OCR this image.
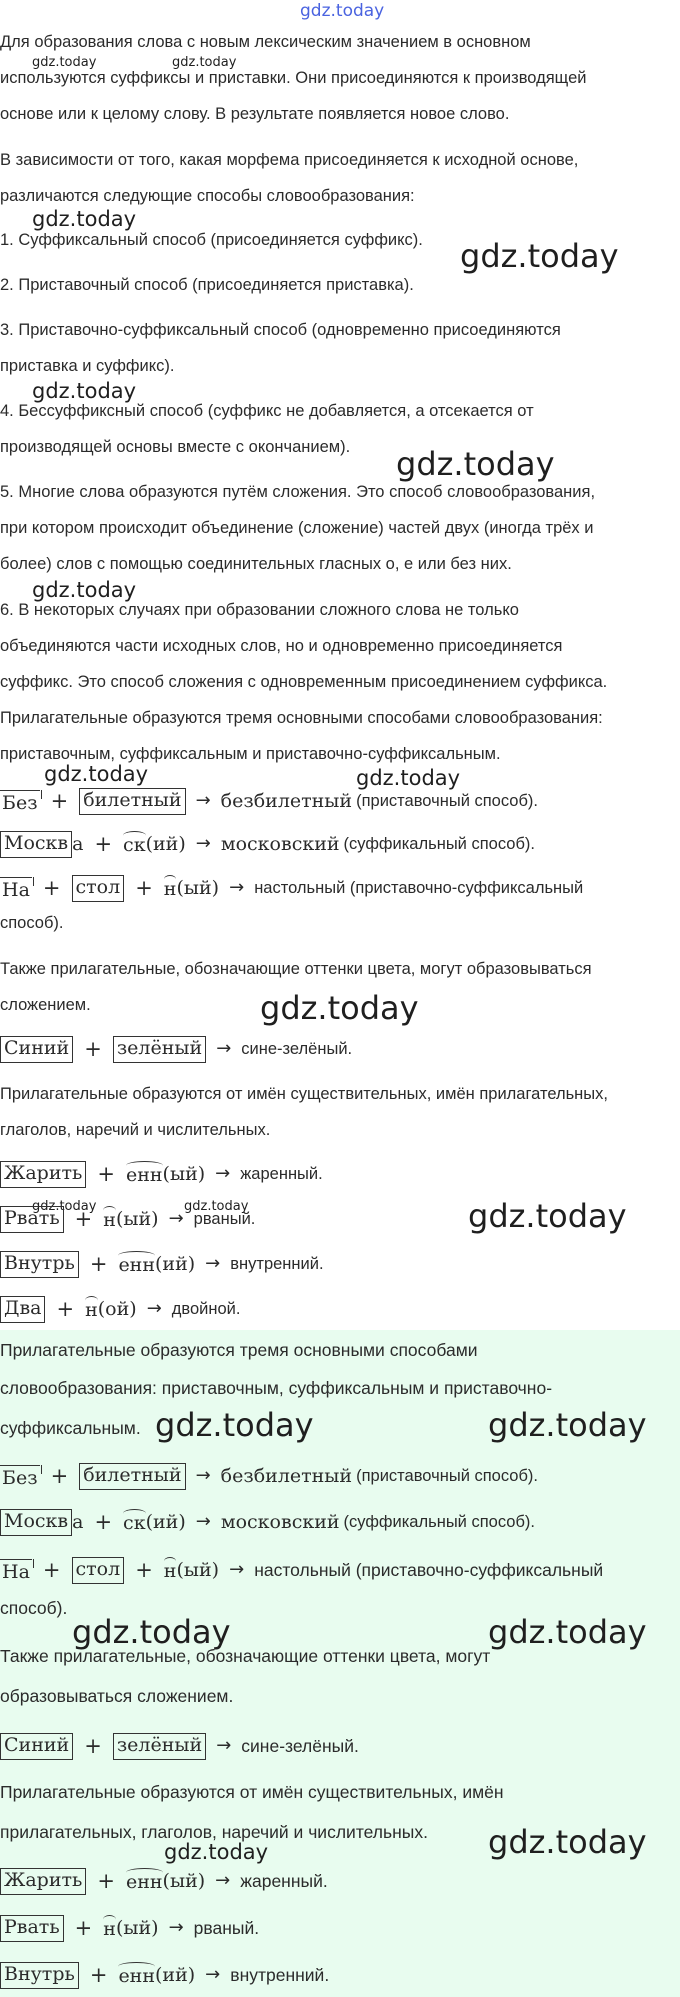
gdz.today
gdz.today	gdz.today
gdz.today
gdz.today
gdz.today
gdz.today
gdz.today
gdz.today	gdz.today
gdz.today
gdz.today
gdz.today	gdz.today
gdz.today	gdz.today
gdz.today	gdz.today
gdz.today
gdz.today
Для образования слова с новым лексическим значением в основном
используются суффиксы и приставки. Они присоединяются к производящей
основе или к целому слову. В результате появляется новое слово.
В зависимости от того, какая морфема присоединяется к исходной основе,
различаются следующие способы словообразования:
1. Суффиксальный способ (присоединяется суффикс).
2. Приставочный способ (присоединяется приставка).
3. Приставочно-суффиксальный способ (одновременно присоединяются
приставка и суффикс).
4. Бессуффиксный способ (суффикс не добавляется, а отсекается от
производящей основы вместе с окончанием).
5. Многие слова образуются путём сложения. Это способ словообразования,
при котором происходит объединение (сложение) частей двух (иногда трёх и
более) слов с помощью соединительных гласных о, е или без них.
6. В некоторых случаях при образовании сложного слова не только
объединяются части исходных слов, но и одновременно присоединяется
суффикс. Это способ сложения с одновременным присоединением суффикса.
Прилагательные образуются тремя основными способами словообразования:
приставочным, суффиксальным и приставочно-суффиксальным.
Без + билетный → безбилетный (приставочный способ).
Москв а + ск (ий) → московский (суффикальный способ).
На + стол + н (ый) → настольный (приставочно-суффиксальный
способ).
Также прилагательные, обозначающие оттенки цвета, могут образовываться
сложением.
Синий + зелёный → сине-зелёный.
Прилагательные образуются от имён существительных, имён прилагательных,
глаголов, наречий и числительных.
Жарить + енн (ый) → жаренный.
Рвать + н (ый) → рваный.
Внутрь + енн (ий) → внутренний.
Два + н (ой) → двойной.
Прилагательные образуются тремя основными способами
словообразования: приставочным, суффиксальным и приставочно-
суффиксальным.
Без + билетный → безбилетный (приставочный способ).
Москв а + ск (ий) → московский (суффикальный способ).
На + стол + н (ый) → настольный (приставочно-суффиксальный
способ).
Также прилагательные, обозначающие оттенки цвета, могут
образовываться сложением.
Синий + зелёный → сине-зелёный.
Прилагательные образуются от имён существительных, имён
прилагательных, глаголов, наречий и числительных.
Жарить + енн (ый) → жаренный.
Рвать + н (ый) → рваный.
Внутрь + енн (ий) → внутренний.
